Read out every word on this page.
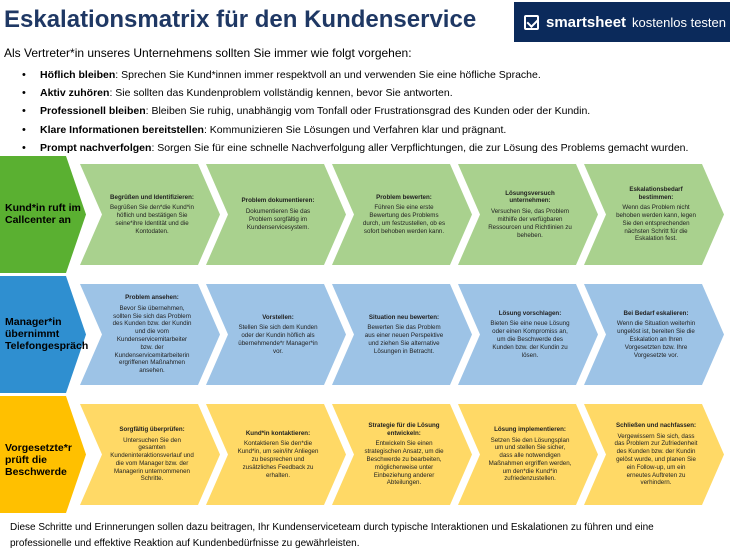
Eskalationsmatrix für den Kundenservice	smartsheet kostenlos testen
Als Vertreter*in unseres Unternehmens sollten Sie immer wie folgt vorgehen:
• Höflich bleiben: Sprechen Sie Kund*innen immer respektvoll an und verwenden Sie eine höfliche Sprache.
• Aktiv zuhören: Sie sollten das Kundenproblem vollständig kennen, bevor Sie antworten.
• Professionell bleiben: Bleiben Sie ruhig, unabhängig vom Tonfall oder Frustrationsgrad des Kunden oder der Kundin.
• Klare Informationen bereitstellen: Kommunizieren Sie Lösungen und Verfahren klar und prägnant.
• Prompt nachverfolgen: Sorgen Sie für eine schnelle Nachverfolgung aller Verpflichtungen, die zur Lösung des Problems gemacht wurden.
Kund*in ruft im Callcenter an
Begrüßen und Identifizieren:
Begrüßen Sie den*die Kund*in höflich und bestätigen Sie seine*ihre Identität und die Kontodaten.
Problem dokumentieren:
Dokumentieren Sie das Problem sorgfältig im Kundenservicesystem.
Problem bewerten:
Führen Sie eine erste Bewertung des Problems durch, um festzustellen, ob es sofort behoben werden kann.
Lösungsversuch unternehmen:
Versuchen Sie, das Problem mithilfe der verfügbaren Ressourcen und Richtlinien zu beheben.
Eskalationsbedarf bestimmen:
Wenn das Problem nicht behoben werden kann, legen Sie den entsprechenden nächsten Schritt für die Eskalation fest.
Manager*in übernimmt Telefongespräch
Problem ansehen:
Bevor Sie übernehmen, sollten Sie sich das Problem des Kunden bzw. der Kundin und die vom Kundenservicemitarbeiter bzw. der Kundenservicemitarbeiterin ergriffenen Maßnahmen ansehen.
Vorstellen:
Stellen Sie sich dem Kunden oder der Kundin höflich als übernehmende*r Manager*in vor.
Situation neu bewerten:
Bewerten Sie das Problem aus einer neuen Perspektive und ziehen Sie alternative Lösungen in Betracht.
Lösung vorschlagen:
Bieten Sie eine neue Lösung oder einen Kompromiss an, um die Beschwerde des Kunden bzw. der Kundin zu lösen.
Bei Bedarf eskalieren:
Wenn die Situation weiterhin ungelöst ist, bereiten Sie die Eskalation an Ihren Vorgesetzten bzw. Ihre Vorgesetzte vor.
Vorgesetzte*r prüft die Beschwerde
Sorgfältig überprüfen:
Untersuchen Sie den gesamten Kundeninteraktionsverlauf und die vom Manager bzw. der Managerin unternommenen Schritte.
Kund*in kontaktieren:
Kontaktieren Sie den*die Kund*in, um sein/ihr Anliegen zu besprechen und zusätzliches Feedback zu erhalten.
Strategie für die Lösung entwickeln:
Entwickeln Sie einen strategischen Ansatz, um die Beschwerde zu bearbeiten, möglicherweise unter Einbeziehung anderer Abteilungen.
Lösung implementieren:
Setzen Sie den Lösungsplan um und stellen Sie sicher, dass alle notwendigen Maßnahmen ergriffen werden, um den*die Kund*in zufriedenzustellen.
Schließen und nachfassen:
Vergewissern Sie sich, dass das Problem zur Zufriedenheit des Kunden bzw. der Kundin gelöst wurde, und planen Sie ein Follow-up, um ein erneutes Auftreten zu verhindern.
Diese Schritte und Erinnerungen sollen dazu beitragen, Ihr Kundenserviceteam durch typische Interaktionen und Eskalationen zu führen und eine professionelle und effektive Reaktion auf Kundenbedürfnisse zu gewährleisten.
